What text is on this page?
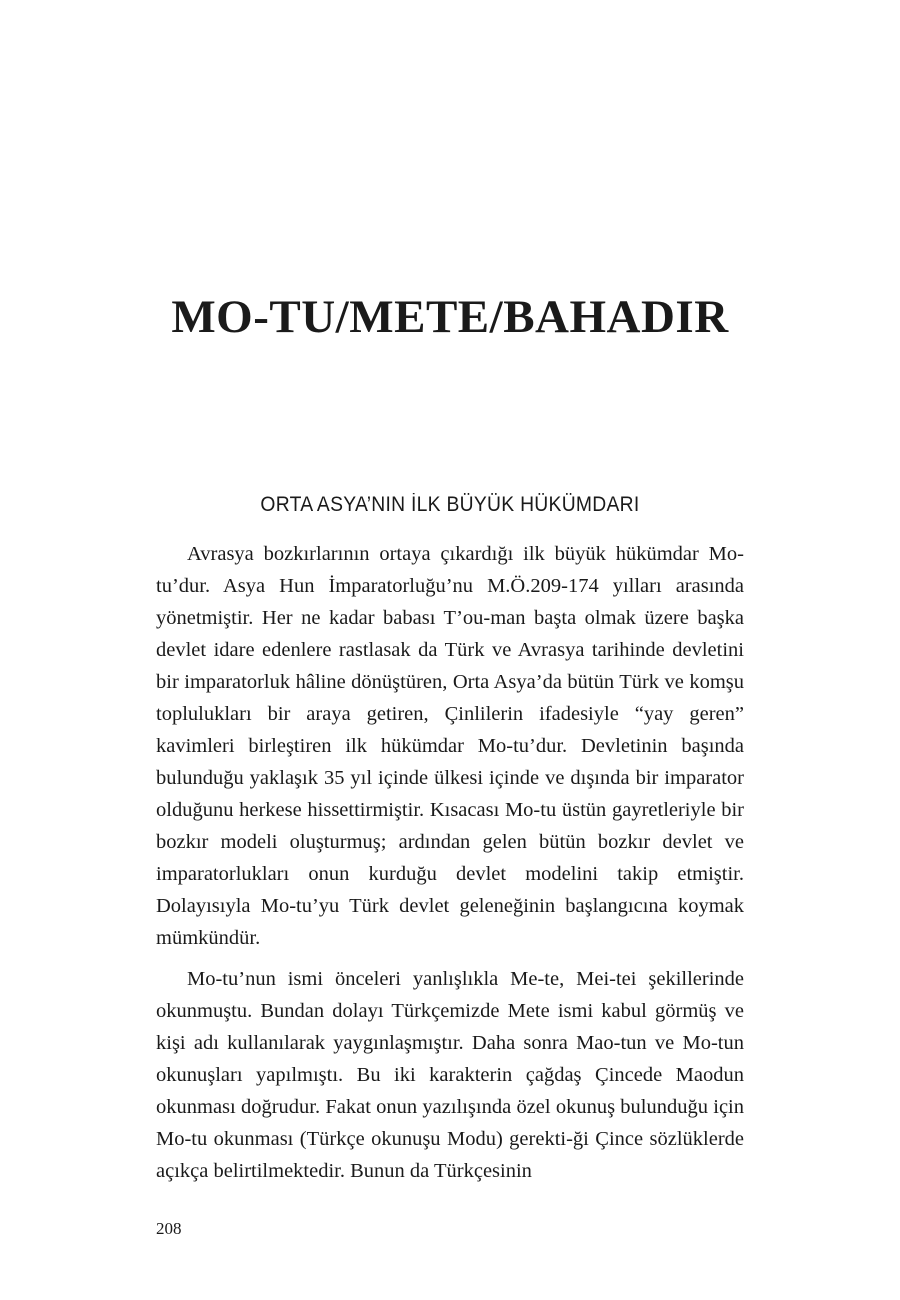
MO-TU/METE/BAHADIR
ORTA ASYA’NIN İLK BÜYÜK HÜKÜMDARI

Avrasya bozkırlarının ortaya çıkardığı ilk büyük hükümdar Mo-tu’dur. Asya Hun İmparatorluğu’nu M.Ö.209-174 yılları arasında yönetmiştir. Her ne kadar babası T’ou-man başta olmak üzere başka devlet idare edenlere rastlasak da Türk ve Avrasya tarihinde devletini bir imparatorluk hâline dönüştüren, Orta Asya’da bütün Türk ve komşu toplulukları bir araya getiren, Çinlilerin ifadesiyle “yay geren” kavimleri birleştiren ilk hükümdar Mo-tu’dur. Devletinin başında bulunduğu yaklaşık 35 yıl içinde ülkesi içinde ve dışında bir imparator olduğunu herkese hissettirmiştir. Kısacası Mo-tu üstün gayretleriyle bir bozkır modeli oluşturmuş; ardından gelen bütün bozkır devlet ve imparatorlukları onun kurduğu devlet modelini takip etmiştir. Dolayısıyla Mo-tu’yu Türk devlet geleneğinin başlangıcına koymak mümkündür.

Mo-tu’nun ismi önceleri yanlışlıkla Me-te, Mei-tei şekillerinde okunmuştu. Bundan dolayı Türkçemizde Mete ismi kabul görmüş ve kişi adı kullanılarak yaygınlaşmıştır. Daha sonra Mao-tun ve Mo-tun okunuşları yapılmıştı. Bu iki karakterin çağdaş Çincede Maodun okunması doğrudur. Fakat onun yazılışında özel okunuş bulunduğu için Mo-tu okunması (Türkçe okunuşu Modu) gerekti-ği Çince sözlüklerde açıkça belirtilmektedir. Bunun da Türkçesinin

208
